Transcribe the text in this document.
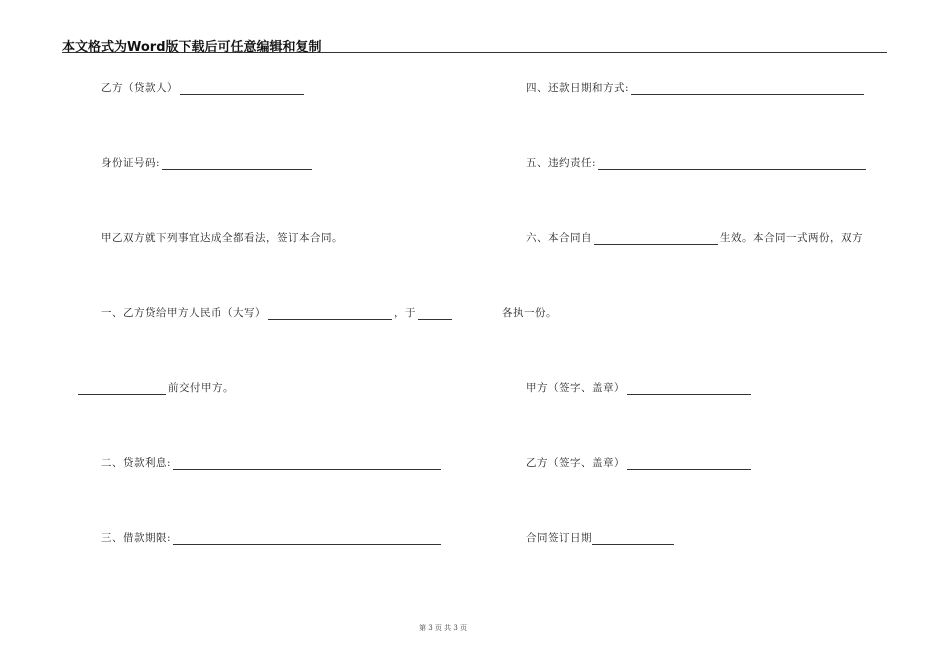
本文格式为Word版下载后可任意编辑和复制
乙方（贷款人）
身份证号码:
甲乙双方就下列事宜达成全都看法，签订本合同。
一、乙方贷给甲方人民币（大写）	，于
前交付甲方。
二、贷款利息:
三、借款期限:
四、还款日期和方式:
五、违约责任:
六、本合同自	生效。本合同一式两份，双方
各执一份。
甲方（签字、盖章）
乙方（签字、盖章）
合同签订日期
第 3 页 共 3 页
